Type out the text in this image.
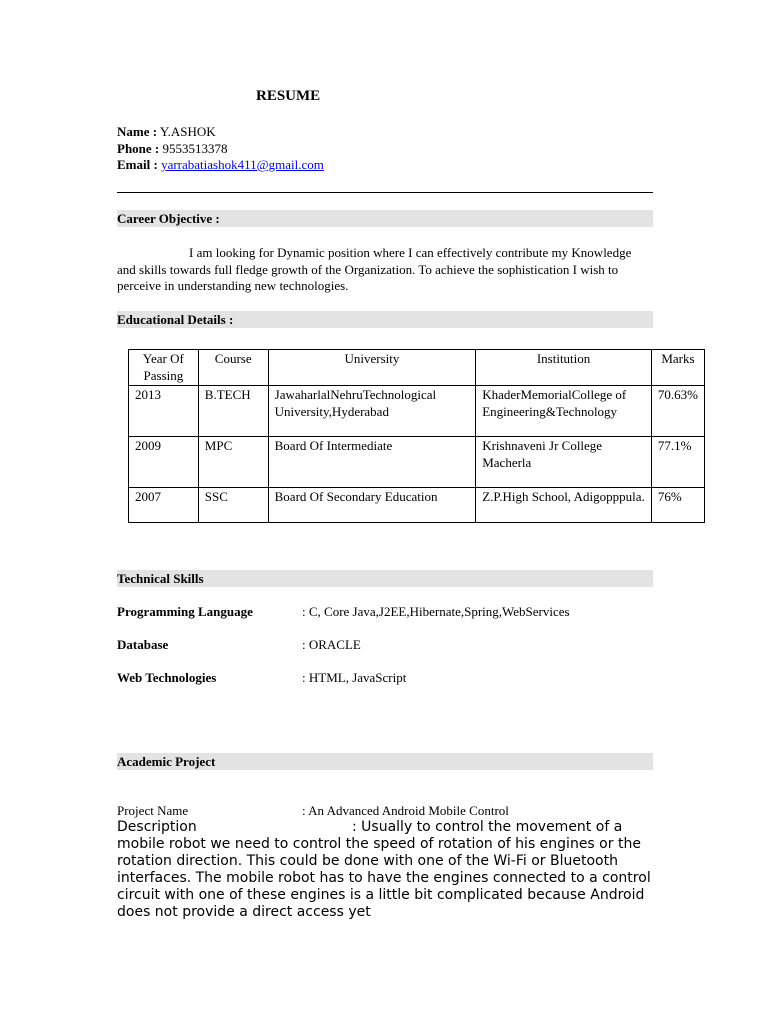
RESUME
Name : Y.ASHOK
Phone : 9553513378
Email : yarrabatiashok411@gmail.com
Career Objective :
I am looking for Dynamic position where I can effectively contribute my Knowledge and skills towards full fledge growth of the Organization. To achieve the sophistication I wish to perceive in understanding new technologies.
Educational Details :
Year Of Passing	Course	University	Institution	Marks
2013	B.TECH	JawaharlalNehruTechnological University,Hyderabad	KhaderMemorialCollege of Engineering&Technology	70.63%
2009	MPC	Board Of Intermediate	Krishnaveni Jr College Macherla	77.1%
2007	SSC	Board Of Secondary Education	Z.P.High School, Adigopppula.	76%
Technical Skills
Programming Language	: C, Core Java,J2EE,Hibernate,Spring,WebServices
Database	: ORACLE
Web Technologies	: HTML, JavaScript
Academic Project
Project Name	: An Advanced Android Mobile Control
Description	: Usually to control the movement of a
mobile robot we need to control the speed of rotation of his engines or the rotation direction. This could be done with one of the Wi-Fi or Bluetooth interfaces. The mobile robot has to have the engines connected to a control circuit with one of these engines is a little bit complicated because Android does not provide a direct access yet
